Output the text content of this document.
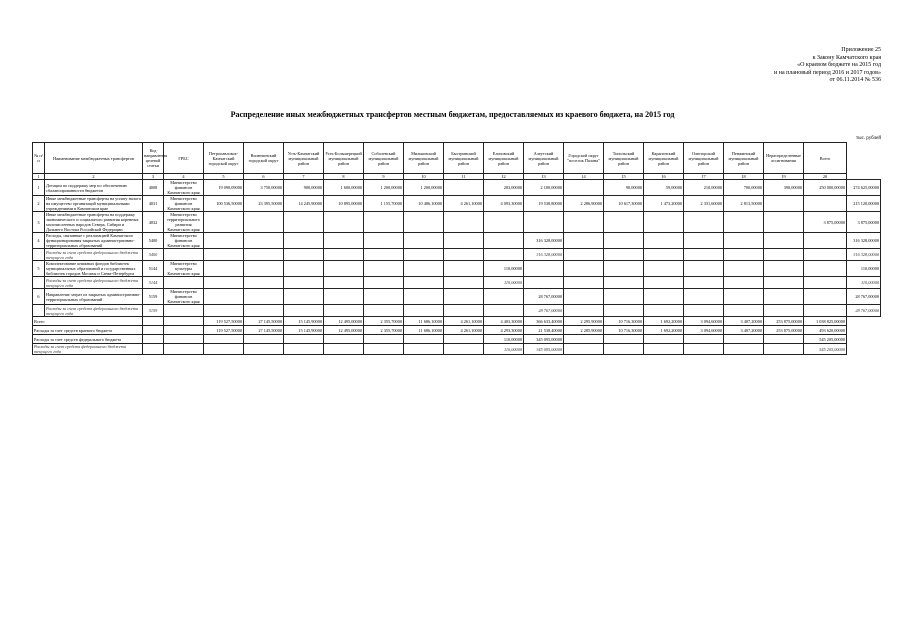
Приложение 25
к Закону Камчатского края
«О краевом бюджете на 2015 год
и на плановый период 2016 и 2017 годов»
от 06.11.2014 № 536
Распределение иных межбюджетных трансфертов местным бюджетам, предоставляемых из краевого бюджета, на 2015 год
тыс. рублей
№ п/п	Наименование межбюджетных трансфертов	Код направления целевой статьи	ГРБС	Петропавловск-Камчатский городской округ	Вилючинский городской округ	Усть-Камчатский муниципальный район	Усть-Большерецкий муниципальный район	Соболевский муниципальный район	Мильковский муниципальный район	Быстринский муниципальный район	Елизовский муниципальный район	Алеутский муниципальный район	Городской округ "поселок Палана"	Тигильский муниципальный район	Карагинский муниципальный район	Олюторский муниципальный район	Пенжинский муниципальный район	Нераспределенные ассигнования	Всего	
1	2	3	4	5	6	7	8	9	10	11	12	13	14	15	16	17	18	19	20	
1	Дотации по поддержку мер по обеспечению сбалансированности бюджетов	4008	Министерство финансов Камчатского края	19 090,09000	3 750,00000	900,00000	1 600,00000	1 200,00000	1 200,00000		203,00000	2 100,00000		90,00000	59,00000	210,00000	700,00000	390,00000	250 000,00000	274 625,00000
2	Иные межбюджетные трансферты на уплату налога на имущество организаций муниципальными учреждениями в Камчатском крае	4031	Министерство финансов Камчатского края	100 536,50000	23 395,50000	14 245,90000	10 895,00000	1 155,70000	10 486,10000	4 261,10000	4 093,30000	19 538,80000	2 286,90000	10 617,30000	1 473,20000	2 331,60000	2 813,50000			215 120,00000
3	Иные межбюджетные трансферты на поддержку экономического и социального развития коренных малочисленных народов Севера, Сибири и Дальнего Востока Российской Федерации	4032	Министерство территориального развития Камчатского края																3 875,00000	3 875,00000
4	Расходы, связанные с реализацией Камчатского функционирования закрытых административно-территориальных образований	5400	Министерство финансов Камчатского края									316 328,00000								316 328,00000
	Расходы за счет средств федерального бюджета текущего года	5400										316 328,00000								316 328,00000
5	Комплектование книжных фондов библиотек муниципальных образований и государственных библиотек городов Москвы и Санкт-Петербурга	5144	Министерство культуры Камчатского края								110,00000									110,00000
	Расходы за счет средств федерального бюджета текущего года	5144									110,00000									110,00000
6	Направление затрат из закрытых административно-территориальных образований	5159	Министерство финансов Камчатского края									28 767,00000								28 767,00000
	Расходы за счет средств федерального бюджета текущего года	5159										28 767,00000								28 767,00000
Всего				119 527,50000	27 145,50000	15 145,90000	12 495,00000	2 355,70000	11 686,10000	4 261,10000	4 403,30000	366 633,40000	2 295,90000	10 716,30000	1 692,20000	3 094,60000	3 407,20000	253 875,00000	1 038 825,00000	
Расходы за счет средств краевого бюджета				119 527,50000	27 145,50000	15 145,90000	12 495,00000	2 355,70000	11 686,10000	4 261,10000	4 293,30000	21 538,40000	2 285,90000	10 716,30000	1 692,20000	3 094,60000	3 407,20000	253 875,00000	493 620,00000	
Расходы за счет средств федерального бюджета											110,00000	345 095,00000							545 205,00000	
Расходы за счет средств федерального бюджета текущего года											110,00000	345 095,00000							545 205,00000	
